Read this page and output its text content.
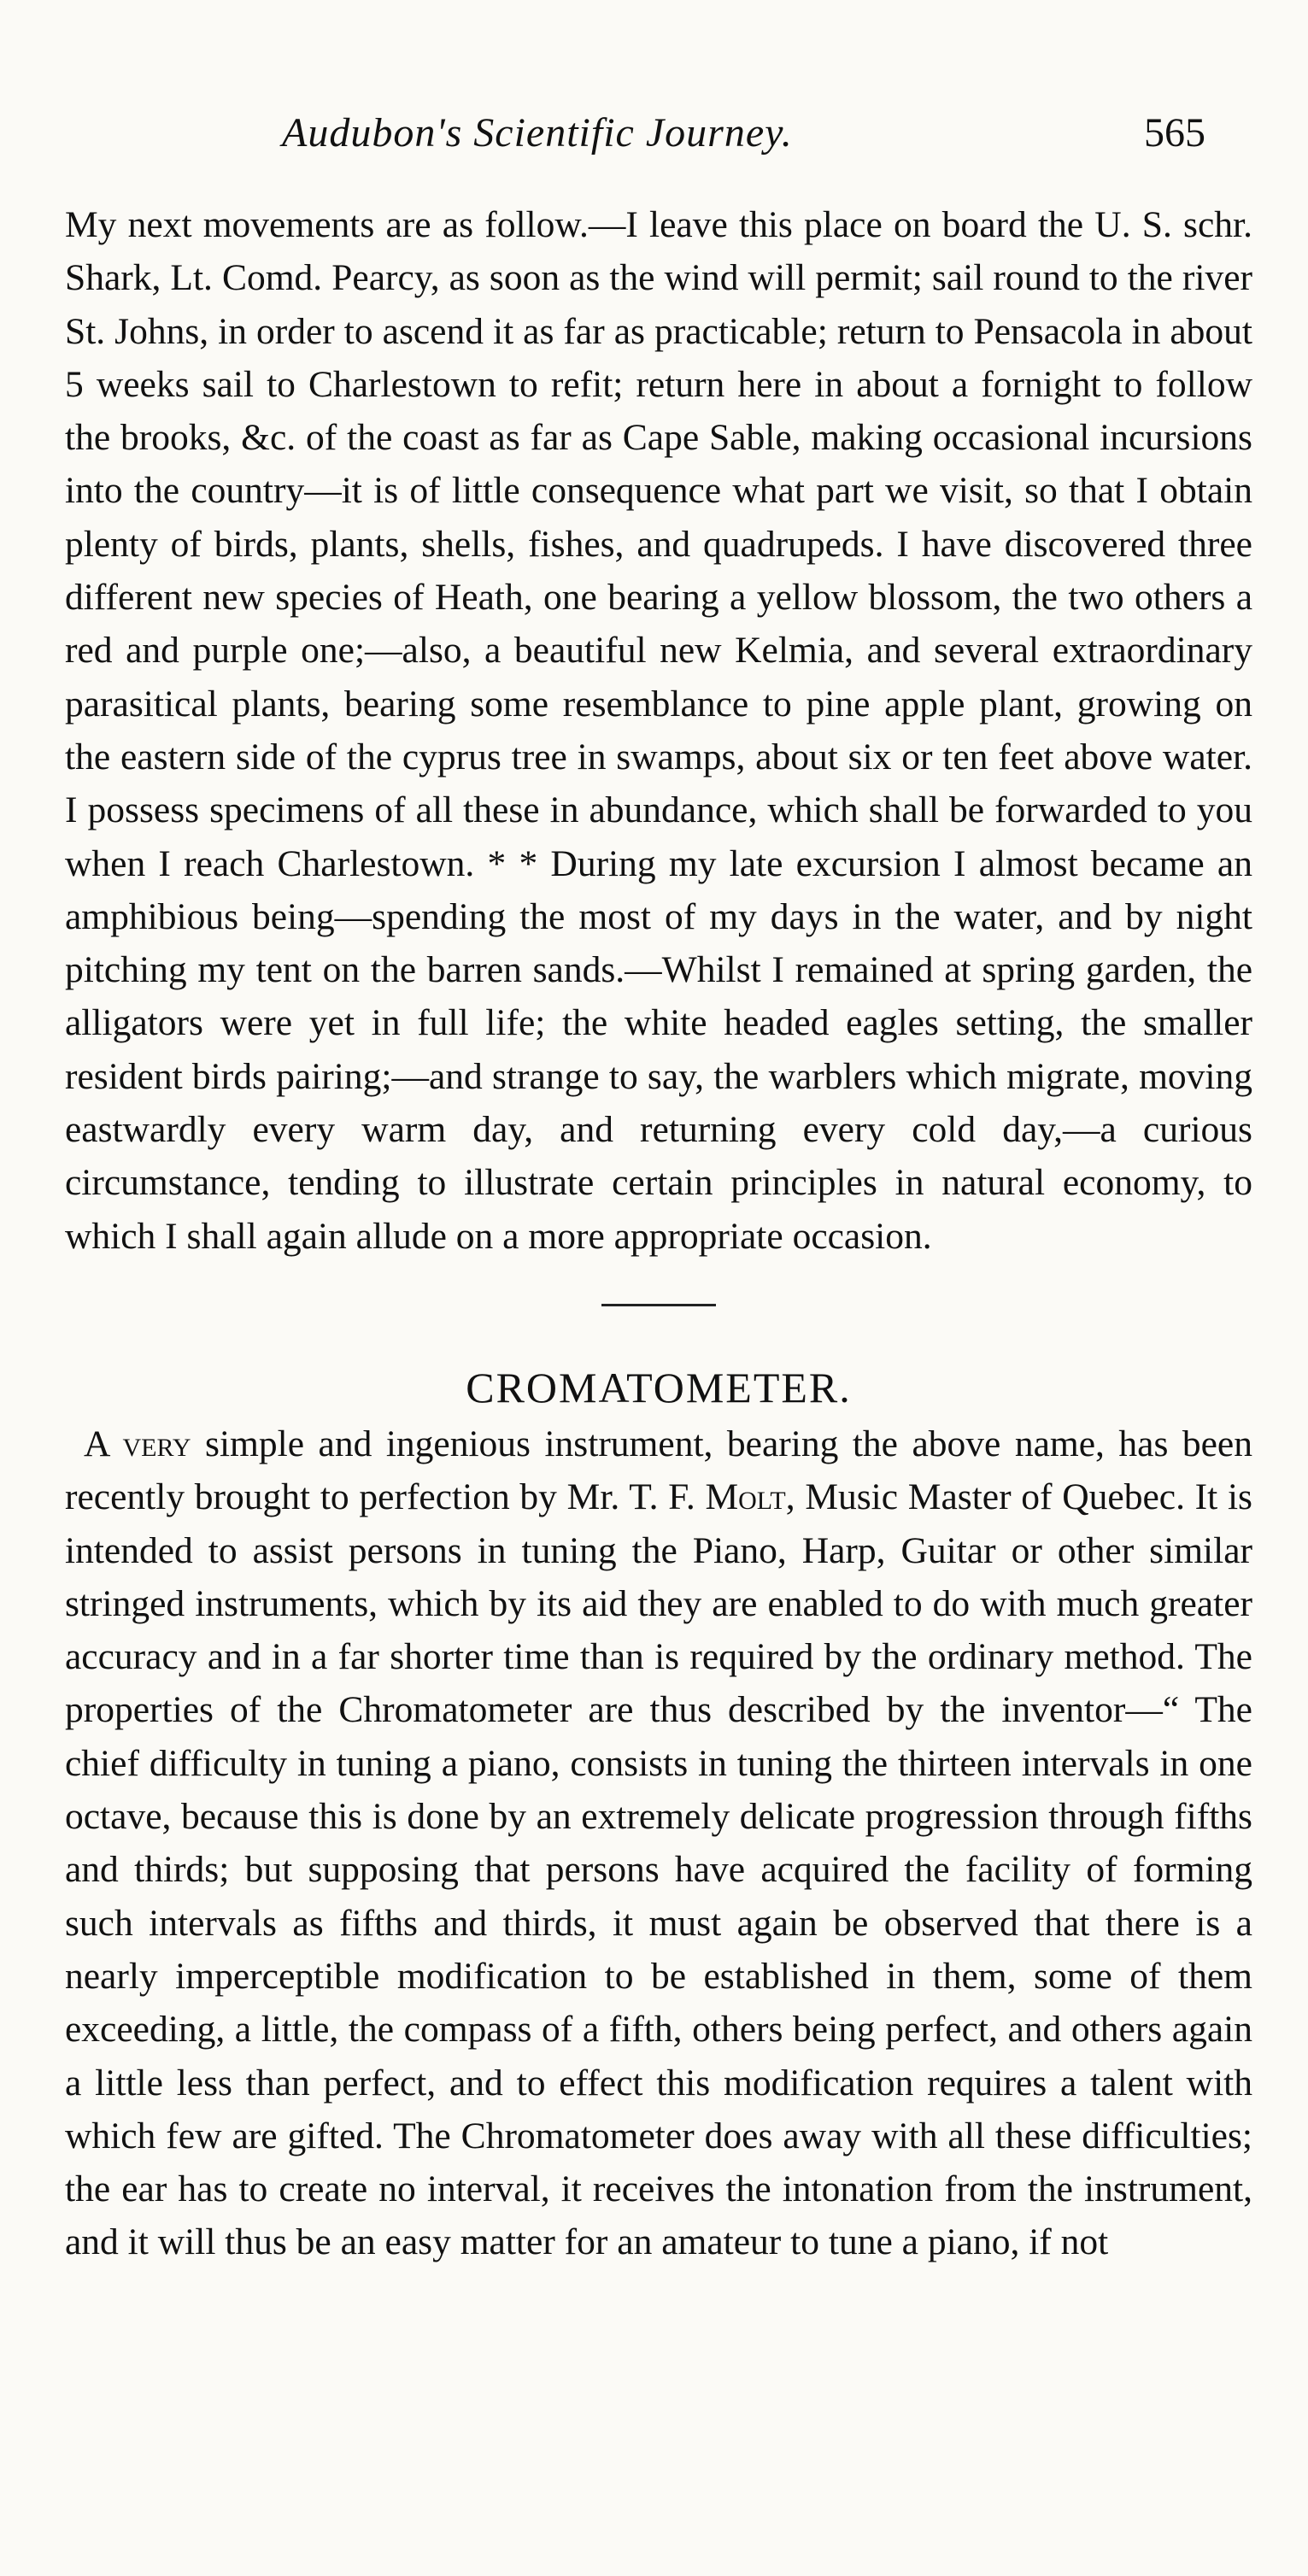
Audubon's Scientific Journey.	565

My next movements are as follow.—I leave this place on board the U. S. schr. Shark, Lt. Comd. Pearcy, as soon as the wind will permit; sail round to the river St. Johns, in order to ascend it as far as practicable; return to Pensacola in about 5 weeks sail to Charlestown to refit; return here in about a fornight to follow the brooks, &c. of the coast as far as Cape Sable, making occasional incursions into the country—it is of little consequence what part we visit, so that I obtain plenty of birds, plants, shells, fishes, and quadrupeds. I have discovered three different new species of Heath, one bearing a yellow blossom, the two others a red and purple one;—also, a beautiful new Kelmia, and several extraordinary parasitical plants, bearing some resemblance to pine apple plant, growing on the eastern side of the cyprus tree in swamps, about six or ten feet above water. I possess specimens of all these in abundance, which shall be forwarded to you when I reach Charlestown. * * During my late excursion I almost became an amphibious being—spending the most of my days in the water, and by night pitching my tent on the barren sands.—Whilst I remained at spring garden, the alligators were yet in full life; the white headed eagles setting, the smaller resident birds pairing;—and strange to say, the warblers which migrate, moving eastwardly every warm day, and returning every cold day,—a curious circumstance, tending to illustrate certain principles in natural economy, to which I shall again allude on a more appropriate occasion.

CROMATOMETER.

A very simple and ingenious instrument, bearing the above name, has been recently brought to perfection by Mr. T. F. Molt, Music Master of Quebec. It is intended to assist persons in tuning the Piano, Harp, Guitar or other similar stringed instruments, which by its aid they are enabled to do with much greater accuracy and in a far shorter time than is required by the ordinary method. The properties of the Chromatometer are thus described by the inventor—“ The chief difficulty in tuning a piano, consists in tuning the thirteen intervals in one octave, because this is done by an extremely delicate progression through fifths and thirds; but supposing that persons have acquired the facility of forming such intervals as fifths and thirds, it must again be observed that there is a nearly imperceptible modification to be established in them, some of them exceeding, a little, the compass of a fifth, others being perfect, and others again a little less than perfect, and to effect this modification requires a talent with which few are gifted. The Chromatometer does away with all these difficulties; the ear has to create no interval, it receives the intonation from the instrument, and it will thus be an easy matter for an amateur to tune a piano, if not
